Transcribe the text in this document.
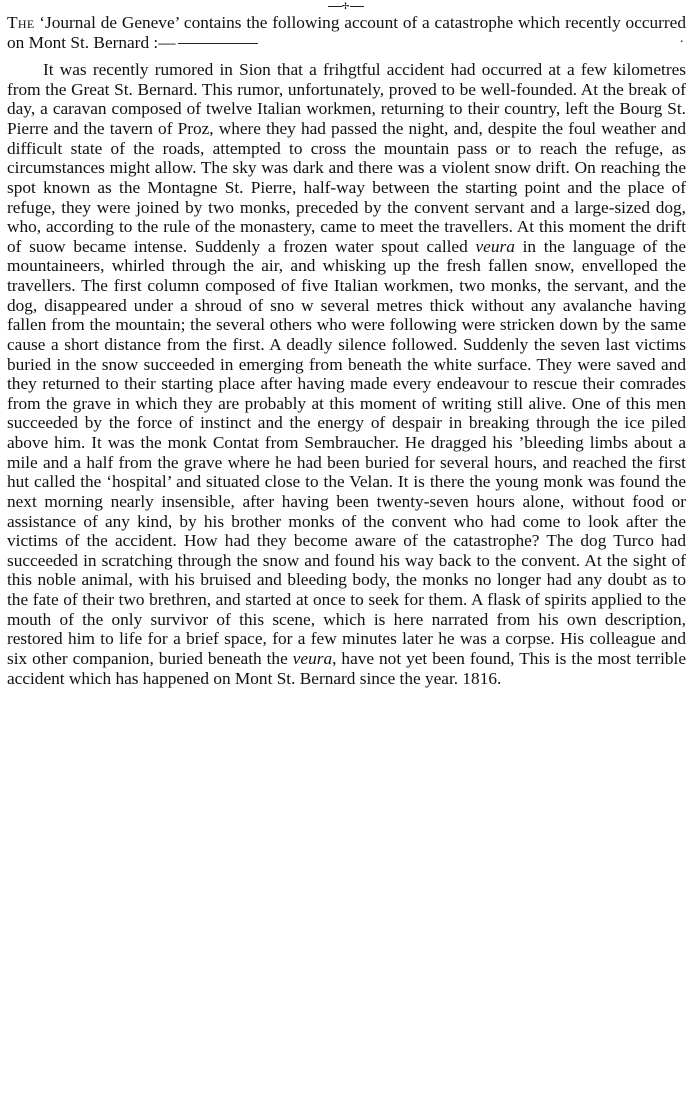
✢

The ‘Journal de Geneve’ contains the following account of a catastrophe which recently occurred on Mont St. Bernard :—	·

It was recently rumored in Sion that a frihgtful accident had occurred at a few kilometres from the Great St. Bernard. This rumor, unfortunately, proved to be well-founded. At the break of day, a caravan composed of twelve Italian workmen, returning to their country, left the Bourg St. Pierre and the tavern of Proz, where they had passed the night, and, despite the foul weather and difficult state of the roads, attempted to cross the mountain pass or to reach the refuge, as circumstances might allow. The sky was dark and there was a violent snow drift. On reaching the spot known as the Montagne St. Pierre, half-way between the starting point and the place of refuge, they were joined by two monks, preceded by the convent servant and a large-sized dog, who, according to the rule of the monastery, came to meet the travellers. At this moment the drift of suow became intense. Suddenly a frozen water spout called veura in the language of the mountaineers, whirled through the air, and whisking up the fresh fallen snow, envelloped the travellers. The first column composed of five Italian workmen, two monks, the servant, and the dog, disappeared under a shroud of sno w several metres thick without any avalanche having fallen from the mountain; the several others who were following were stricken down by the same cause a short distance from the first. A deadly silence followed. Suddenly the seven last victims buried in the snow succeeded in emerging from beneath the white surface. They were saved and they returned to their starting place after having made every endeavour to rescue their comrades from the grave in which they are probably at this moment of writing still alive. One of this men succeeded by the force of instinct and the energy of despair in breaking through the ice piled above him. It was the monk Contat from Sembraucher. He dragged his ’bleeding limbs about a mile and a half from the grave where he had been buried for several hours, and reached the first hut called the ‘hospital’ and situated close to the Velan. It is there the young monk was found the next morning nearly insensible, after having been twenty-seven hours alone, without food or assistance of any kind, by his brother monks of the convent who had come to look after the victims of the accident. How had they become aware of the catastrophe? The dog Turco had succeeded in scratching through the snow and found his way back to the convent. At the sight of this noble animal, with his bruised and bleeding body, the monks no longer had any doubt as to the fate of their two brethren, and started at once to seek for them. A flask of spirits applied to the mouth of the only survivor of this scene, which is here narrated from his own description, restored him to life for a brief space, for a few minutes later he was a corpse. His colleague and six other companion, buried beneath the veura, have not yet been found, This is the most terrible accident which has happened on Mont St. Bernard since the year. 1816.
